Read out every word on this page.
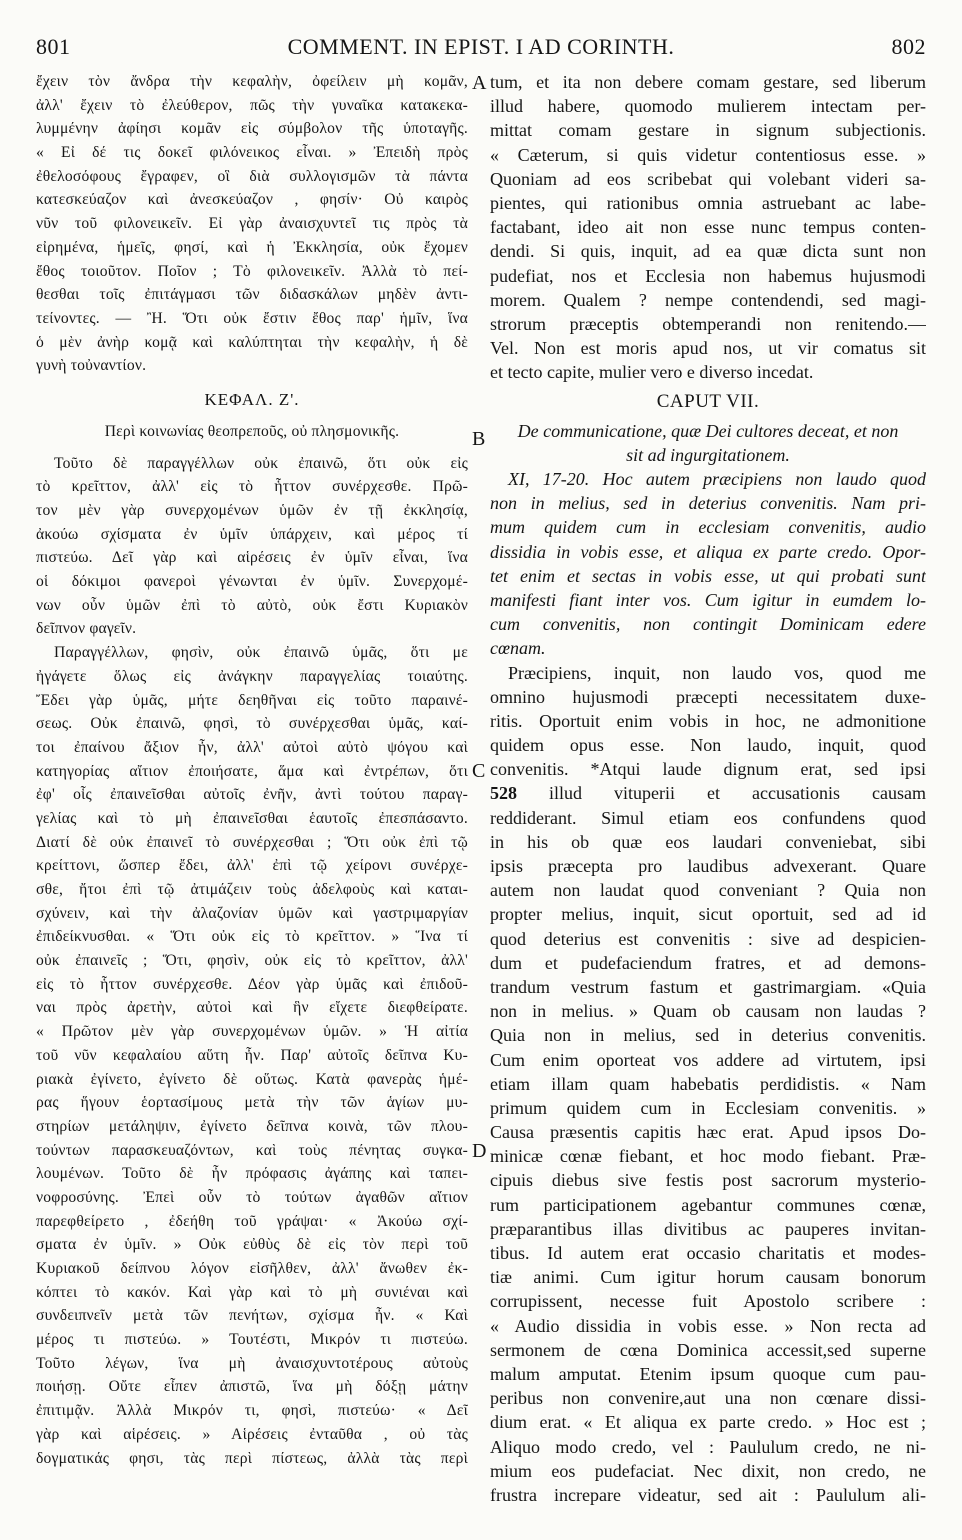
801	COMMENT. IN EPIST. I AD CORINTH.	802
A
B
C
D
ἔχειν τὸν ἄνδρα τὴν κεφαλὴν, ὀφείλειν μὴ κομᾶν,
ἀλλ' ἔχειν τὸ ἐλεύθερον, πῶς τὴν γυναῖκα κατακεκα-
λυμμένην ἀφίησι κομᾶν εἰς σύμβολον τῆς ὑποταγῆς.
« Εἰ δέ τις δοκεῖ φιλόνεικος εἶναι. » Ἐπειδὴ πρὸς
ἐθελοσόφους ἔγραφεν, οἳ διὰ συλλογισμῶν τὰ πάντα
κατεσκεύαζον καὶ ἀνεσκεύαζον , φησίν· Οὐ καιρὸς
νῦν τοῦ φιλονεικεῖν. Εἰ γὰρ ἀναισχυντεῖ τις πρὸς τὰ
εἰρημένα, ἡμεῖς, φησί, καὶ ἡ Ἐκκλησία, οὐκ ἔχομεν
ἔθος τοιοῦτον. Ποῖον ; Τὸ φιλονεικεῖν. Ἀλλὰ τὸ πεί-
θεσθαι τοῖς ἐπιτάγμασι τῶν διδασκάλων μηδὲν ἀντι-
τείνοντες. — Ἢ. Ὅτι οὐκ ἔστιν ἔθος παρ' ἡμῖν, ἵνα
ὁ μὲν ἀνὴρ κομᾷ καὶ καλύπτηται τὴν κεφαλὴν, ἡ δὲ
γυνὴ τοὐναντίον.
ΚΕΦΑΛ. Ζ'.
Περὶ κοινωνίας θεοπρεποῦς, οὐ πλησμονικῆς.
Τοῦτο δὲ παραγγέλλων οὐκ ἐπαινῶ, ὅτι οὐκ εἰς
τὸ κρεῖττον, ἀλλ' εἰς τὸ ἧττον συνέρχεσθε. Πρῶ-
τον μὲν γὰρ συνερχομένων ὑμῶν ἐν τῇ ἐκκλησίᾳ,
ἀκούω σχίσματα ἐν ὑμῖν ὑπάρχειν, καὶ μέρος τί
πιστεύω. Δεῖ γὰρ καὶ αἱρέσεις ἐν ὑμῖν εἶναι, ἵνα
οἱ δόκιμοι φανεροὶ γένωνται ἐν ὑμῖν. Συνερχομέ-
νων οὖν ὑμῶν ἐπὶ τὸ αὐτὸ, οὐκ ἔστι Κυριακὸν
δεῖπνον φαγεῖν.
Παραγγέλλων, φησὶν, οὐκ ἐπαινῶ ὑμᾶς, ὅτι με
ἠγάγετε ὅλως εἰς ἀνάγκην παραγγελίας τοιαύτης.
Ἔδει γὰρ ὑμᾶς, μήτε δεηθῆναι εἰς τοῦτο παραινέ-
σεως. Οὐκ ἐπαινῶ, φησὶ, τὸ συνέρχεσθαι ὑμᾶς, καί-
τοι ἐπαίνου ἄξιον ἦν, ἀλλ' αὐτοὶ αὐτὸ ψόγου καὶ
κατηγορίας αἴτιον ἐποιήσατε, ἅμα καὶ ἐντρέπων, ὅτι
ἐφ' οἷς ἐπαινεῖσθαι αὐτοῖς ἐνῆν, ἀντὶ τούτου παραγ-
γελίας καὶ τὸ μὴ ἐπαινεῖσθαι ἑαυτοῖς ἐπεσπάσαντο.
Διατί δὲ οὐκ ἐπαινεῖ τὸ συνέρχεσθαι ; Ὅτι οὐκ ἐπὶ τῷ
κρείττονι, ὥσπερ ἔδει, ἀλλ' ἐπὶ τῷ χείρονι συνέρχε-
σθε, ἤτοι ἐπὶ τῷ ἀτιμάζειν τοὺς ἀδελφοὺς καὶ καται-
σχύνειν, καὶ τὴν ἀλαζονίαν ὑμῶν καὶ γαστριμαργίαν
ἐπιδείκνυσθαι. « Ὅτι οὐκ εἰς τὸ κρεῖττον. » Ἵνα τί
οὐκ ἐπαινεῖς ; Ὅτι, φησὶν, οὐκ εἰς τὸ κρεῖττον, ἀλλ'
εἰς τὸ ἧττον συνέρχεσθε. Δέον γὰρ ὑμᾶς καὶ ἐπιδοῦ-
ναι πρὸς ἀρετὴν, αὐτοὶ καὶ ἣν εἴχετε διεφθείρατε.
« Πρῶτον μὲν γὰρ συνερχομένων ὑμῶν. » Ἡ αἰτία
τοῦ νῦν κεφαλαίου αὕτη ἦν. Παρ' αὐτοῖς δεῖπνα Κυ-
ριακὰ ἐγίνετο, ἐγίνετο δὲ οὕτως. Κατὰ φανερὰς ἡμέ-
ρας ἥγουν ἑορτασίμους μετὰ τὴν τῶν ἁγίων μυ-
στηρίων μετάληψιν, ἐγίνετο δεῖπνα κοινὰ, τῶν πλου-
τούντων παρασκευαζόντων, καὶ τοὺς πένητας συγκα-
λουμένων. Τοῦτο δὲ ἦν πρόφασις ἀγάπης καὶ ταπει-
νοφροσύνης. Ἐπεὶ οὖν τὸ τούτων ἀγαθῶν αἴτιον
παρεφθείρετο , ἐδεήθη τοῦ γράψαι· « Ἀκούω σχί-
σματα ἐν ὑμῖν. » Οὐκ εὐθὺς δὲ εἰς τὸν περὶ τοῦ
Κυριακοῦ δείπνου λόγον εἰσῆλθεν, ἀλλ' ἄνωθεν ἐκ-
κόπτει τὸ κακόν. Καὶ γὰρ καὶ τὸ μὴ συνιέναι καὶ
συνδειπνεῖν μετὰ τῶν πενήτων, σχίσμα ἦν. « Καὶ
μέρος τι πιστεύω. » Τουτέστι, Μικρόν τι πιστεύω.
Τοῦτο λέγων, ἵνα μὴ ἀναισχυντοτέρους αὐτοὺς
ποιήσῃ. Οὔτε εἶπεν ἀπιστῶ, ἵνα μὴ δόξῃ μάτην
ἐπιτιμᾷν. Ἀλλὰ Μικρόν τι, φησὶ, πιστεύω· « Δεῖ
γὰρ καὶ αἱρέσεις. » Αἱρέσεις ἐνταῦθα , οὐ τὰς
δογματικάς φησι, τὰς περὶ πίστεως, ἀλλὰ τὰς περὶ
tum, et ita non debere comam gestare, sed liberum
illud habere, quomodo mulierem intectam per-
mittat comam gestare in signum subjectionis.
« Cæterum, si quis videtur contentiosus esse. »
Quoniam ad eos scribebat qui volebant videri sa-
pientes, qui rationibus omnia astruebant ac labe-
factabant, ideo ait non esse nunc tempus conten-
dendi. Si quis, inquit, ad ea quæ dicta sunt non
pudefiat, nos et Ecclesia non habemus hujusmodi
morem. Qualem ? nempe contendendi, sed magi-
strorum præceptis obtemperandi non renitendo.—
Vel. Non est moris apud nos, ut vir comatus sit
et tecto capite, mulier vero e diverso incedat.
CAPUT VII.
De communicatione, quæ Dei cultores deceat, et non
sit ad ingurgitationem.
XI, 17-20. Hoc autem præcipiens non laudo quod
non in melius, sed in deterius convenitis. Nam pri-
mum quidem cum in ecclesiam convenitis, audio
dissidia in vobis esse, et aliqua ex parte credo. Opor-
tet enim et sectas in vobis esse, ut qui probati sunt
manifesti fiant inter vos. Cum igitur in eumdem lo-
cum convenitis, non contingit Dominicam edere
cœnam.
Præcipiens, inquit, non laudo vos, quod me
omnino hujusmodi præcepti necessitatem duxe-
ritis. Oportuit enim vobis in hoc, ne admonitione
quidem opus esse. Non laudo, inquit, quod
convenitis. *Atqui laude dignum erat, sed ipsi
528 illud vituperii et accusationis causam
reddiderant. Simul etiam eos confundens quod
in his ob quæ eos laudari conveniebat, sibi
ipsis præcepta pro laudibus advexerant. Quare
autem non laudat quod conveniant ? Quia non
propter melius, inquit, sicut oportuit, sed ad id
quod deterius est convenitis : sive ad despicien-
dum et pudefaciendum fratres, et ad demons-
trandum vestrum fastum et gastrimargiam. «Quia
non in melius. » Quam ob causam non laudas ?
Quia non in melius, sed in deterius convenitis.
Cum enim oporteat vos addere ad virtutem, ipsi
etiam illam quam habebatis perdidistis. « Nam
primum quidem cum in Ecclesiam convenitis. »
Causa præsentis capitis hæc erat. Apud ipsos Do-
minicæ cœnæ fiebant, et hoc modo fiebant. Præ-
cipuis diebus sive festis post sacrorum mysterio-
rum participationem agebantur communes cœnæ,
præparantibus illas divitibus ac pauperes invitan-
tibus. Id autem erat occasio charitatis et modes-
tiæ animi. Cum igitur horum causam bonorum
corrupissent, necesse fuit Apostolo scribere :
« Audio dissidia in vobis esse. » Non recta ad
sermonem de cœna Dominica accessit,sed superne
malum amputat. Etenim ipsum quoque cum pau-
peribus non convenire,aut una non cœnare dissi-
dium erat. « Et aliqua ex parte credo. » Hoc est ;
Aliquo modo credo, vel : Paululum credo, ne ni-
mium eos pudefaciat. Nec dixit, non credo, ne
frustra increpare videatur, sed ait : Paululum ali-
